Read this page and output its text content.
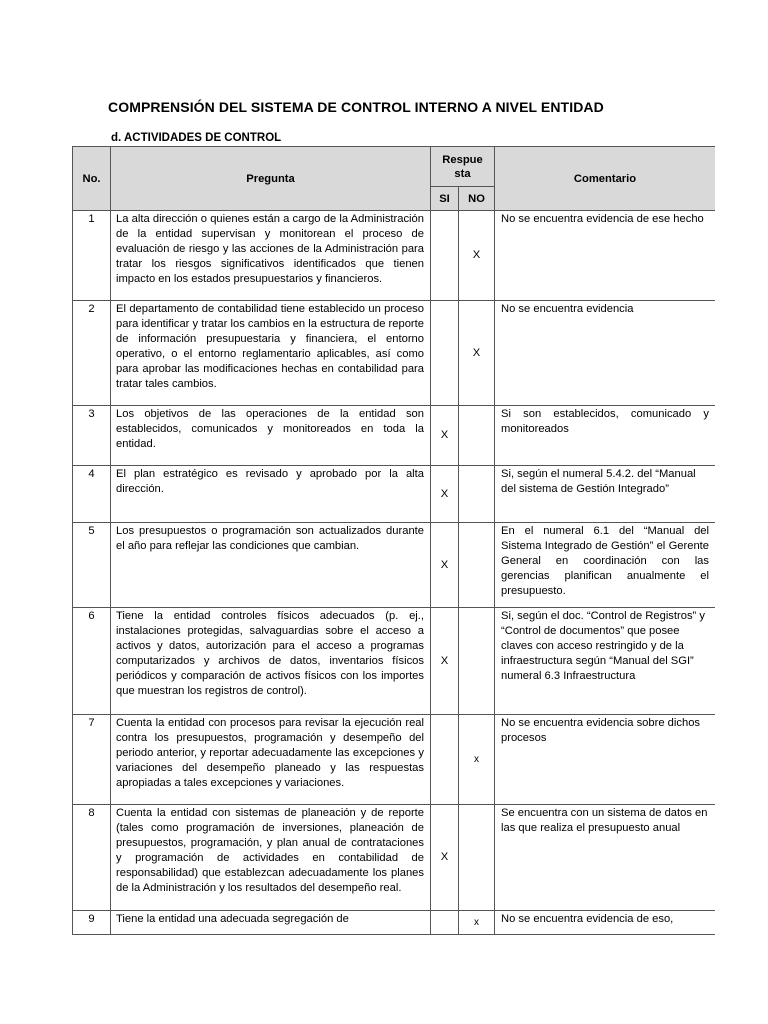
COMPRENSIÓN DEL SISTEMA DE CONTROL INTERNO A NIVEL ENTIDAD
d. ACTIVIDADES DE CONTROL
No.	Pregunta	Respue sta		Comentario
		SI	NO	
1	La alta dirección o quienes están a cargo de la Administración de la entidad supervisan y monitorean el proceso de evaluación de riesgo y las acciones de la Administración para tratar los riesgos significativos identificados que tienen impacto en los estados presupuestarios y financieros.		X	No se encuentra evidencia de ese hecho
2	El departamento de contabilidad tiene establecido un proceso para identificar y tratar los cambios en la estructura de reporte de información presupuestaria y financiera, el entorno operativo, o el entorno reglamentario aplicables, así como para aprobar las modificaciones hechas en contabilidad para tratar tales cambios.		X	No se encuentra evidencia
3	Los objetivos de las operaciones de la entidad son establecidos, comunicados y monitoreados en toda la entidad.	X		Si son establecidos, comunicado y monitoreados
4	El plan estratégico es revisado y aprobado por la alta dirección.	X		Si, según el numeral 5.4.2. del “Manual del sistema de Gestión Integrado”
5	Los presupuestos o programación son actualizados durante el año para reflejar las condiciones que cambian.	X		En el numeral 6.1 del “Manual del Sistema Integrado de Gestión” el Gerente General en coordinación con las gerencias planifican anualmente el presupuesto.
6	Tiene la entidad controles físicos adecuados (p. ej., instalaciones protegidas, salvaguardias sobre el acceso a activos y datos, autorización para el acceso a programas computarizados y archivos de datos, inventarios físicos periódicos y comparación de activos físicos con los importes que muestran los registros de control).	X		Si, según el doc. “Control de Registros” y “Control de documentos” que posee claves con acceso restringido y de la infraestructura según “Manual del SGI” numeral 6.3 Infraestructura
7	Cuenta la entidad con procesos para revisar la ejecución real contra los presupuestos, programación y desempeño del periodo anterior, y reportar adecuadamente las excepciones y variaciones del desempeño planeado y las respuestas apropiadas a tales excepciones y variaciones.		x	No se encuentra evidencia sobre dichos procesos
8	Cuenta la entidad con sistemas de planeación y de reporte (tales como programación de inversiones, planeación de presupuestos, programación, y plan anual de contrataciones y programación de actividades en contabilidad de responsabilidad) que establezcan adecuadamente los planes de la Administración y los resultados del desempeño real.	X		Se encuentra con un sistema de datos en las que realiza el presupuesto anual
9	Tiene la entidad una adecuada segregación de		x	No se encuentra evidencia de eso,
